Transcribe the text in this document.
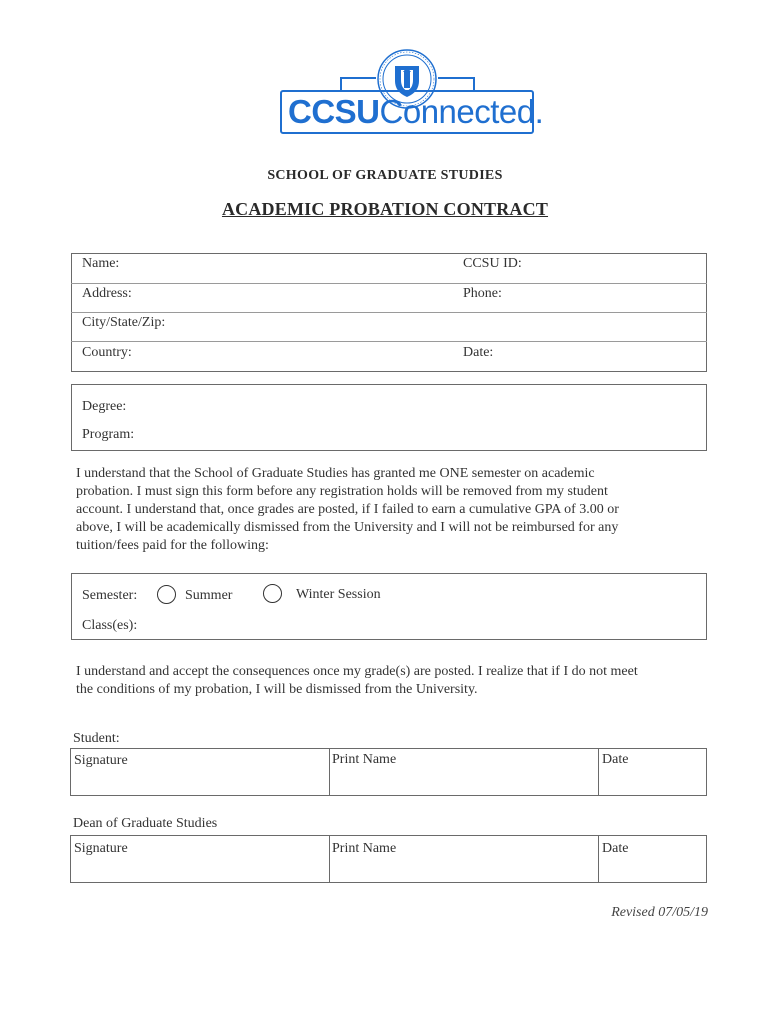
CCSUConnected.
SCHOOL OF GRADUATE STUDIES
ACADEMIC PROBATION CONTRACT
Name:	CCSU ID:
Address:	Phone:
City/State/Zip:
Country:	Date:
Degree:
Program:
I understand that the School of Graduate Studies has granted me ONE semester on academic
probation. I must sign this form before any registration holds will be removed from my student
account. I understand that, once grades are posted, if I failed to earn a cumulative GPA of 3.00 or
above, I will be academically dismissed from the University and I will not be reimbursed for any
tuition/fees paid for the following:
Semester:	Summer	Winter Session
Class(es):
I understand and accept the consequences once my grade(s) are posted. I realize that if I do not meet
the conditions of my probation, I will be dismissed from the University.
Student:
Signature	Print Name	Date
Dean of Graduate Studies
Signature	Print Name	Date
Revised 07/05/19
